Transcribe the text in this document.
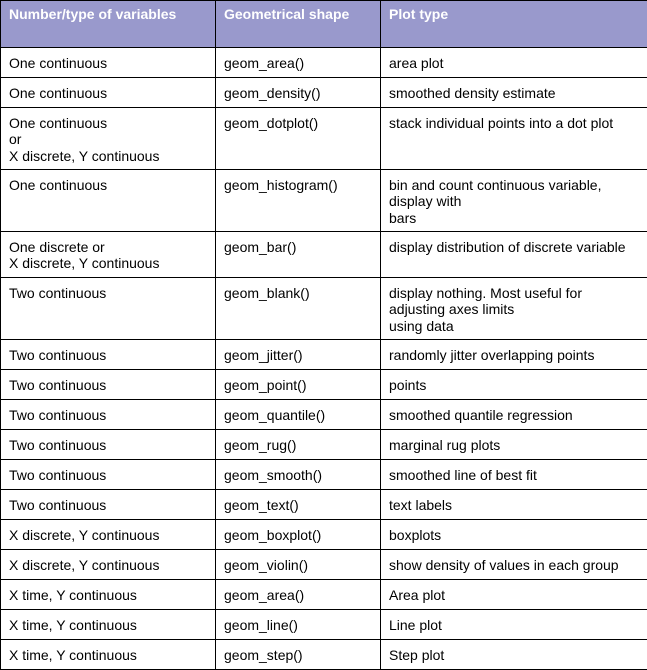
Number/type of variables	Geometrical shape	Plot type
One continuous	geom_area()	area plot
One continuous	geom_density()	smoothed density estimate
One continuous
or
X discrete, Y continuous	geom_dotplot()	stack individual points into a dot plot
One continuous	geom_histogram()	bin and count continuous variable, display with
bars
One discrete or
X discrete, Y continuous	geom_bar()	display distribution of discrete variable
Two continuous	geom_blank()	display nothing. Most useful for adjusting axes limits
using data
Two continuous	geom_jitter()	randomly jitter overlapping points
Two continuous	geom_point()	points
Two continuous	geom_quantile()	smoothed quantile regression
Two continuous	geom_rug()	marginal rug plots
Two continuous	geom_smooth()	smoothed line of best fit
Two continuous	geom_text()	text labels
X discrete, Y continuous	geom_boxplot()	boxplots
X discrete, Y continuous	geom_violin()	show density of values in each group
X time, Y continuous	geom_area()	Area plot
X time, Y continuous	geom_line()	Line plot
X time, Y continuous	geom_step()	Step plot
